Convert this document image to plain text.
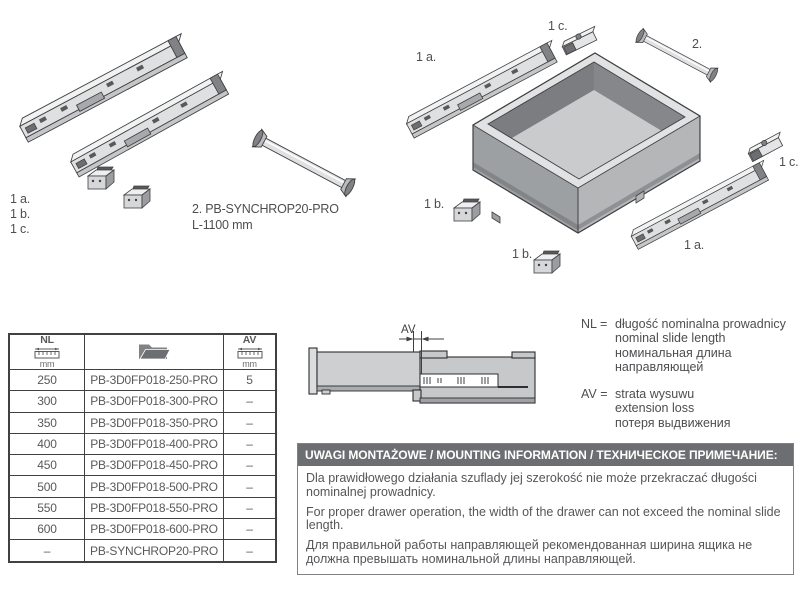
1 a.
1 b.
1 c.
2. PB-SYNCHROP20-PRO
L-1100 mm
1 a.
1 c.
2.
1 b.
1 b.
1 c.
1 a.
AV
NL
mm		AV
mm

250	PB-3D0FP018-250-PRO	5
300	PB-3D0FP018-300-PRO	–
350	PB-3D0FP018-350-PRO	–
400	PB-3D0FP018-400-PRO	–
450	PB-3D0FP018-450-PRO	–
500	PB-3D0FP018-500-PRO	–
550	PB-3D0FP018-550-PRO	–
600	PB-3D0FP018-600-PRO	–
–	PB-SYNCHROP20-PRO	–
NL = długość nominalna prowadnicy
nominal slide length
номинальная длина
направляющей
AV = strata wysuwu
extension loss
потеря выдвижения
UWAGI MONTAŻOWE / MOUNTING INFORMATION / ТЕХНИЧЕСКОЕ ПРИМЕЧАНИЕ:

Dla prawidłowego działania szuflady jej szerokość nie może przekraczać długości nominalnej prowadnicy.

For proper drawer operation, the width of the drawer can not exceed the nominal slide length.

Для правильной работы направляющей рекомендованная ширина ящика не должна превышать номинальной длины направляющей.
